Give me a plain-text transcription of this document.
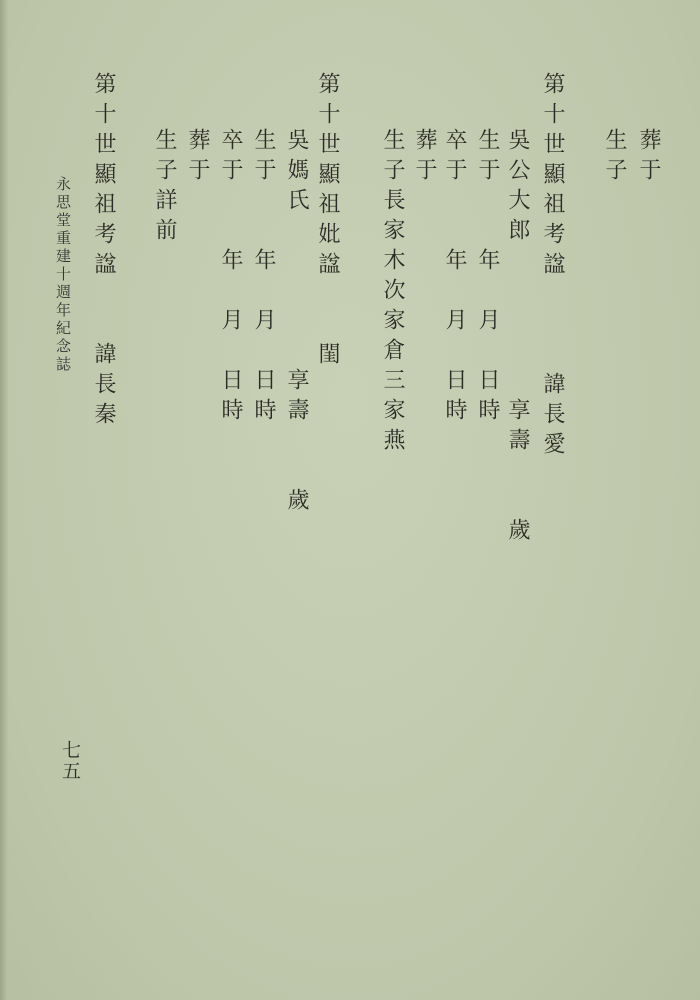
葬于
生子
第十世顯祖考諡　　　諱長愛
吳公大郎　　　　　享壽　　歲
生于　　年　月　日時
卒于　　年　月　日時
生子長家木次家倉三家燕 葬于
第十世顯祖妣諡　　閨
吳媽氏　　　　　享壽　　歲
生于　　年　月　日時
卒于　　年　月　日時
葬于
生子詳前
第十世顯祖考諡　　諱長秦
永思堂重建十週年紀念誌
七五
